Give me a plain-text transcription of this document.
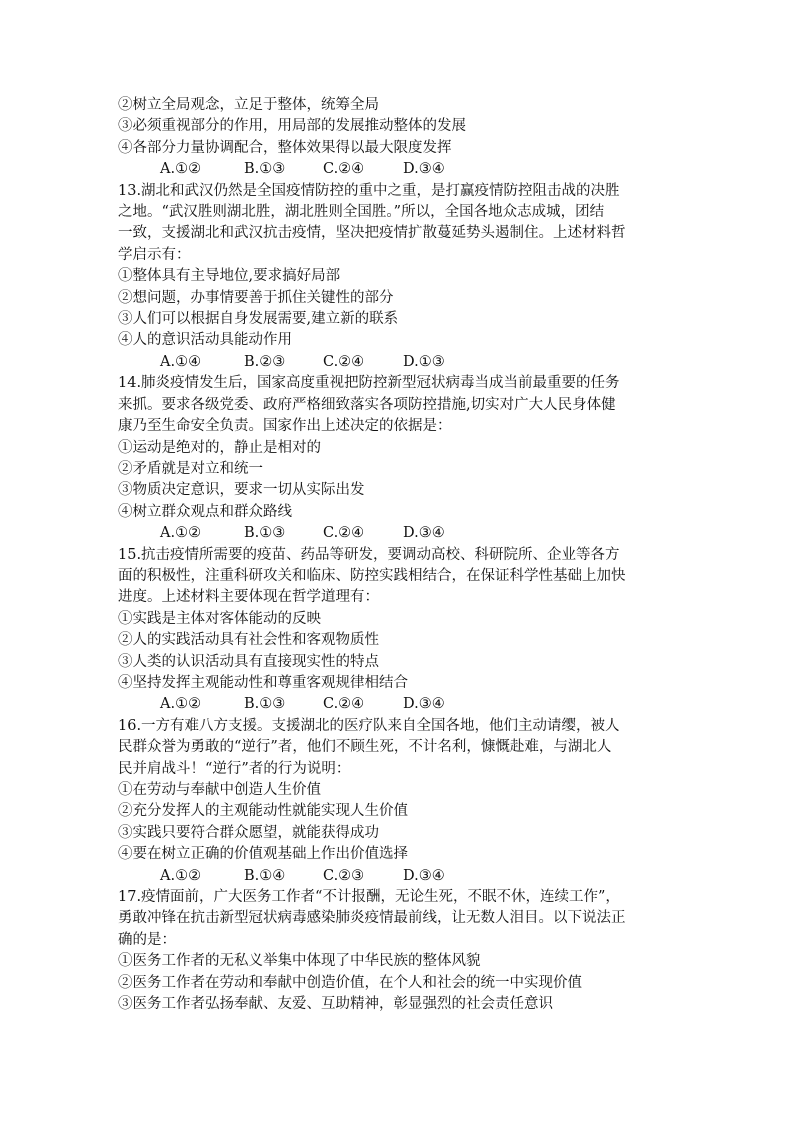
②树立全局观念，立足于整体，统筹全局
③必须重视部分的作用，用局部的发展推动整体的发展
④各部分力量协调配合，整体效果得以最大限度发挥
A.①②	B.①③	C.②④	D.③④
13.湖北和武汉仍然是全国疫情防控的重中之重，是打赢疫情防控阻击战的决胜
之地。“武汉胜则湖北胜，湖北胜则全国胜。”所以，全国各地众志成城，团结
一致，支援湖北和武汉抗击疫情，坚决把疫情扩散蔓延势头遏制住。上述材料哲
学启示有：
①整体具有主导地位,要求搞好局部
②想问题，办事情要善于抓住关键性的部分
③人们可以根据自身发展需要,建立新的联系
④人的意识活动具能动作用
A.①④	B.②③	C.②④	D.①③
14.肺炎疫情发生后，国家高度重视把防控新型冠状病毒当成当前最重要的任务
来抓。要求各级党委、政府严格细致落实各项防控措施,切实对广大人民身体健
康乃至生命安全负责。国家作出上述决定的依据是：
①运动是绝对的，静止是相对的
②矛盾就是对立和统一
③物质决定意识，要求一切从实际出发
④树立群众观点和群众路线
A.①②	B.①③	C.②④	D.③④
15.抗击疫情所需要的疫苗、药品等研发，要调动高校、科研院所、企业等各方
面的积极性，注重科研攻关和临床、防控实践相结合，在保证科学性基础上加快
进度。上述材料主要体现在哲学道理有：
①实践是主体对客体能动的反映
②人的实践活动具有社会性和客观物质性
③人类的认识活动具有直接现实性的特点
④坚持发挥主观能动性和尊重客观规律相结合
A.①②	B.①③	C.②④	D.③④
16.一方有难八方支援。支援湖北的医疗队来自全国各地，他们主动请缨，被人
民群众誉为勇敢的“逆行”者，他们不顾生死，不计名利，慷慨赴难，与湖北人
民并肩战斗！“逆行”者的行为说明：
①在劳动与奉献中创造人生价值
②充分发挥人的主观能动性就能实现人生价值
③实践只要符合群众愿望，就能获得成功
④要在树立正确的价值观基础上作出价值选择
A.①②	B.①④	C.②③	D.③④
17.疫情面前，广大医务工作者“不计报酬，无论生死，不眠不休，连续工作”，
勇敢冲锋在抗击新型冠状病毒感染肺炎疫情最前线，让无数人泪目。以下说法正
确的是：
①医务工作者的无私义举集中体现了中华民族的整体风貌
②医务工作者在劳动和奉献中创造价值，在个人和社会的统一中实现价值
③医务工作者弘扬奉献、友爱、互助精神，彰显强烈的社会责任意识
